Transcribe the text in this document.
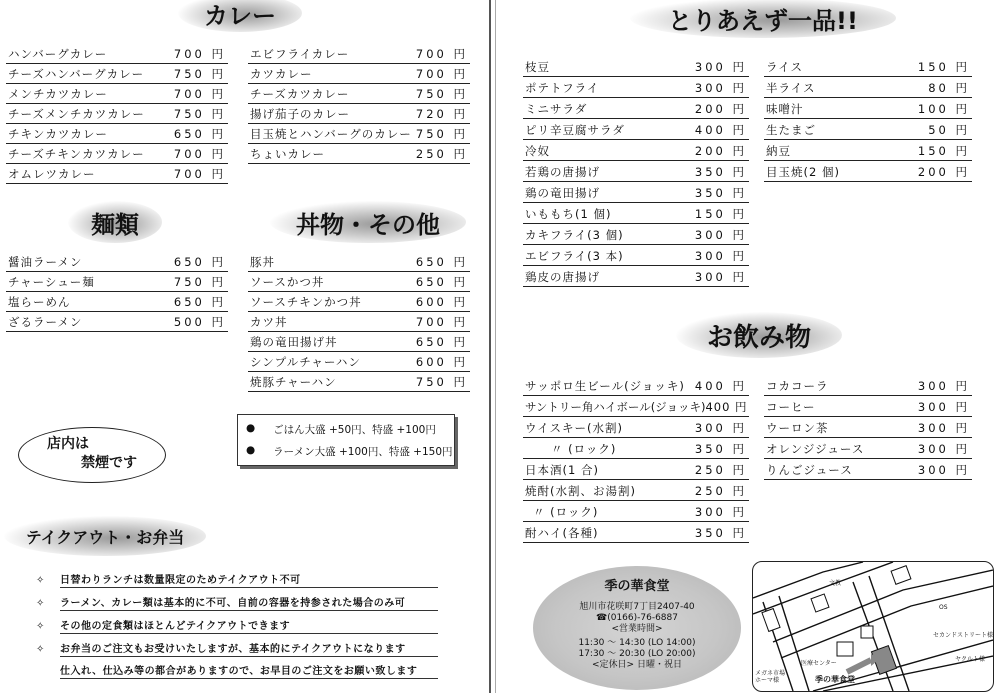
カレー
麺類	丼物・その他
とりあえず一品!!
お飲み物
テイクアウト・お弁当
ハンバーグカレー	700 円
チーズハンバーグカレー	750 円
メンチカツカレー	700 円
チーズメンチカツカレー	750 円
チキンカツカレー	650 円
チーズチキンカツカレー	700 円
オムレツカレー	700 円
エビフライカレー	700 円
カツカレー	700 円
チーズカツカレー	750 円
揚げ茄子のカレー	720 円
目玉焼とハンバーグのカレー 750 円
ちょいカレー	250 円
醤油ラーメン	650 円
チャーシュー麺	750 円
塩らーめん	650 円
ざるラーメン	500 円
豚丼	650 円
ソースかつ丼	650 円
ソースチキンかつ丼	600 円
カツ丼	700 円
鶏の竜田揚げ丼	650 円
シンプルチャーハン	600 円
焼豚チャーハン	750 円
● ごはん大盛 +50円、特盛 +100円
● ラーメン大盛 +100円、特盛 +150円
店内は
禁煙です
✧ 日替わりランチは数量限定のためテイクアウト不可
✧ ラーメン、カレー類は基本的に不可、自前の容器を持参された場合のみ可
✧ その他の定食類はほとんどテイクアウトできます
✧ お弁当のご注文もお受けいたしますが、基本的にテイクアウトになります
仕入れ、仕込み等の都合がありますので、お早目のご注文をお願い致します
枝豆	300 円
ポテトフライ	300 円
ミニサラダ	200 円
ピリ辛豆腐サラダ	400 円
冷奴	200 円
若鶏の唐揚げ	350 円
鶏の竜田揚げ	350 円
いももち(1 個)	150 円
カキフライ(3 個)	300 円
エビフライ(3 本)	300 円
鶏皮の唐揚げ	300 円
ライス	150 円
半ライス	80 円
味噌汁	100 円
生たまご	50 円
納豆	150 円
目玉焼(2 個)	200 円
サッポロ生ビール(ジョッキ) 400 円
サントリー角ハイボール(ジョッキ) 400 円
ウイスキー(水割)	300 円
〃 (ロック)	350 円
日本酒(1 合)	250 円
焼酎(水割、お湯割)	250 円
〃 (ロック)	300 円
酎ハイ(各種)	350 円
コカコーラ	300 円
コーヒー	300 円
ウーロン茶	300 円
オレンジジュース	300 円
りんごジュース	300 円
季の華食堂
旭川市花咲町7丁目2407-40
☎(0166)-76-6887
<営業時間>
11:30 〜 14:30 (LO 14:00)
17:30 〜 20:30 (LO 20:00)
<定休日> 日曜・祝日
文教
OS
セカンドストリート様
医療センター
ヤクルト様
メガネ市場 ホーマ様	季の華食堂
